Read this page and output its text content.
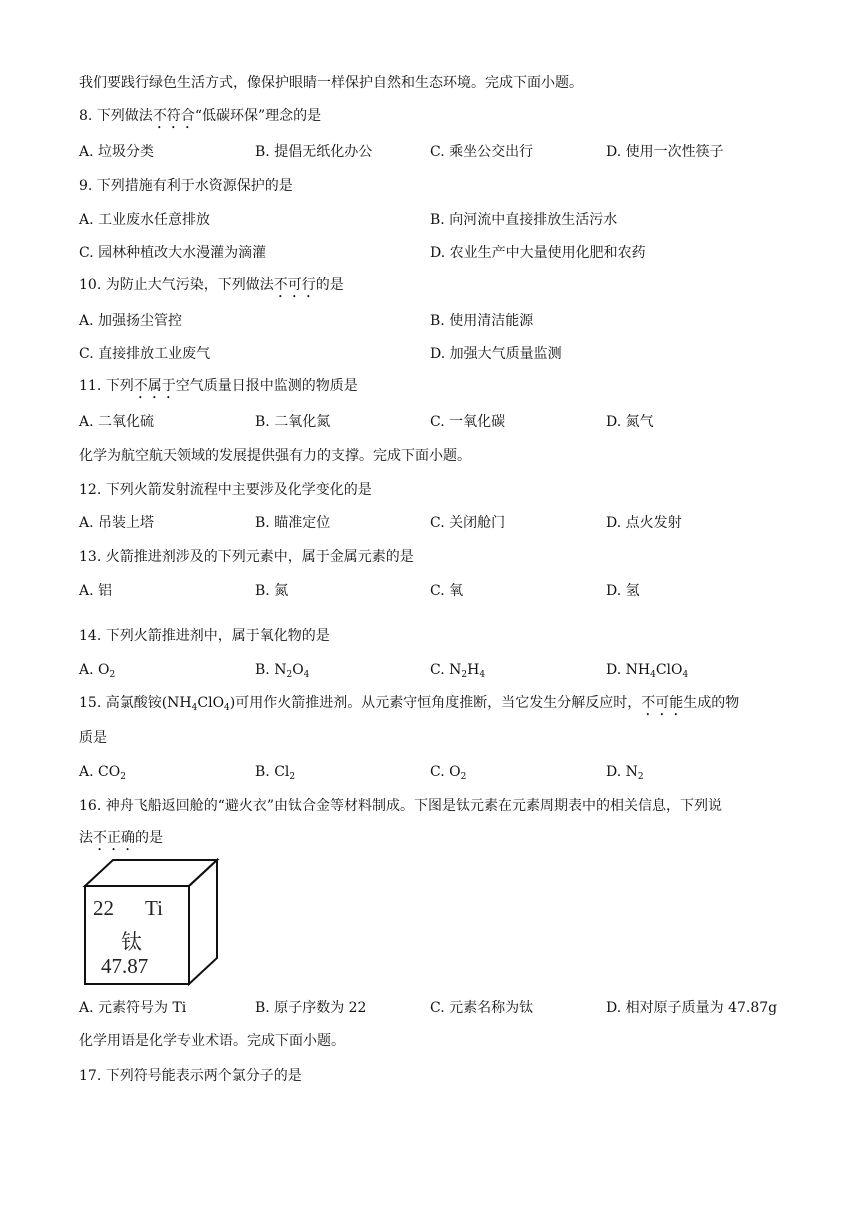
我们要践行绿色生活方式，像保护眼睛一样保护自然和生态环境。完成下面小题。
8. 下列做法不符合“低碳环保”理念的是
A. 垃圾分类	B. 提倡无纸化办公	C. 乘坐公交出行	D. 使用一次性筷子
9. 下列措施有利于水资源保护的是
A. 工业废水任意排放	B. 向河流中直接排放生活污水
C. 园林种植改大水漫灌为滴灌	D. 农业生产中大量使用化肥和农药
10. 为防止大气污染，下列做法不可行的是
A. 加强扬尘管控	B. 使用清洁能源
C. 直接排放工业废气	D. 加强大气质量监测
11. 下列不属于空气质量日报中监测的物质是
A. 二氧化硫	B. 二氧化氮	C. 一氧化碳	D. 氮气
化学为航空航天领域的发展提供强有力的支撑。完成下面小题。
12. 下列火箭发射流程中主要涉及化学变化的是
A. 吊装上塔	B. 瞄准定位	C. 关闭舱门	D. 点火发射
13. 火箭推进剂涉及的下列元素中，属于金属元素的是
A. 铝	B. 氮	C. 氧	D. 氢
14. 下列火箭推进剂中，属于氧化物的是
A. $O_2$	B. $N_2O_4$	C. $N_2H_4$	D. $NH_4ClO_4$
15. 高氯酸铵$(NH_4ClO_4)$可用作火箭推进剂。从元素守恒角度推断，当它发生分解反应时，不可能生成的物
质是
A. $CO_2$	B. $Cl_2$	C. $O_2$	D. $N_2$
16. 神舟飞船返回舱的“避火衣”由钛合金等材料制成。下图是钛元素在元素周期表中的相关信息，下列说
法不正确的是
22 Ti
钛
47.87
A. 元素符号为 Ti	B. 原子序数为 22	C. 元素名称为钛	D. 相对原子质量为 47.87g
化学用语是化学专业术语。完成下面小题。
17. 下列符号能表示两个氯分子的是
